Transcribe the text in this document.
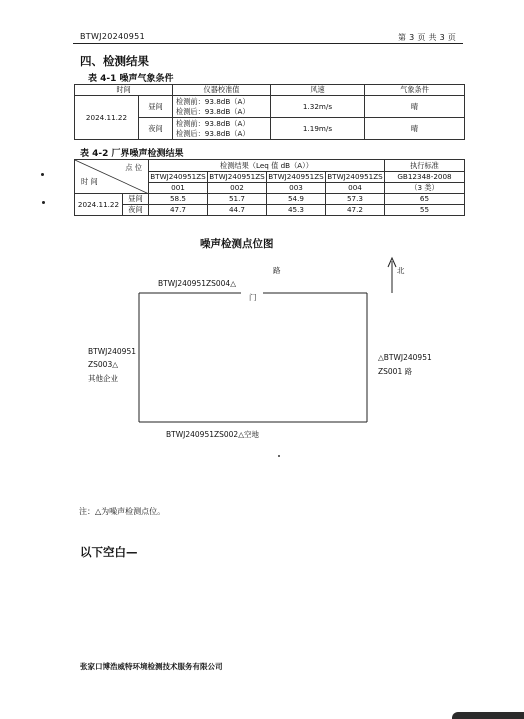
BTWJ20240951	第 3 页 共 3 页
四、检测结果
表 4-1 噪声气象条件
时间		仪器校准值	风速	气象条件
2024.11.22	昼间	检测前：93.8dB（A）
检测后：93.8dB（A）	1.32m/s	晴
	夜间	检测前：93.8dB（A）
检测后：93.8dB（A）	1.19m/s	晴
表 4-2 厂界噪声检测结果
点 位
时 间		检测结果（Leq 值 dB（A））				执行标准
		BTWJ240951ZS	BTWJ240951ZS	BTWJ240951ZS	BTWJ240951ZS	GB12348-2008
		001	002	003	004	（3 类）
2024.11.22	昼间	58.5	51.7	54.9	57.3	65
	夜间	47.7	44.7	45.3	47.2	55
噪声检测点位图
北
路
BTWJ240951ZS004△
门
BTWJ240951
ZS003△
其他企业
△BTWJ240951
ZS001 路
BTWJ240951ZS002△空地
注：△为噪声检测点位。
以下空白—
张家口博浩威特环境检测技术服务有限公司
